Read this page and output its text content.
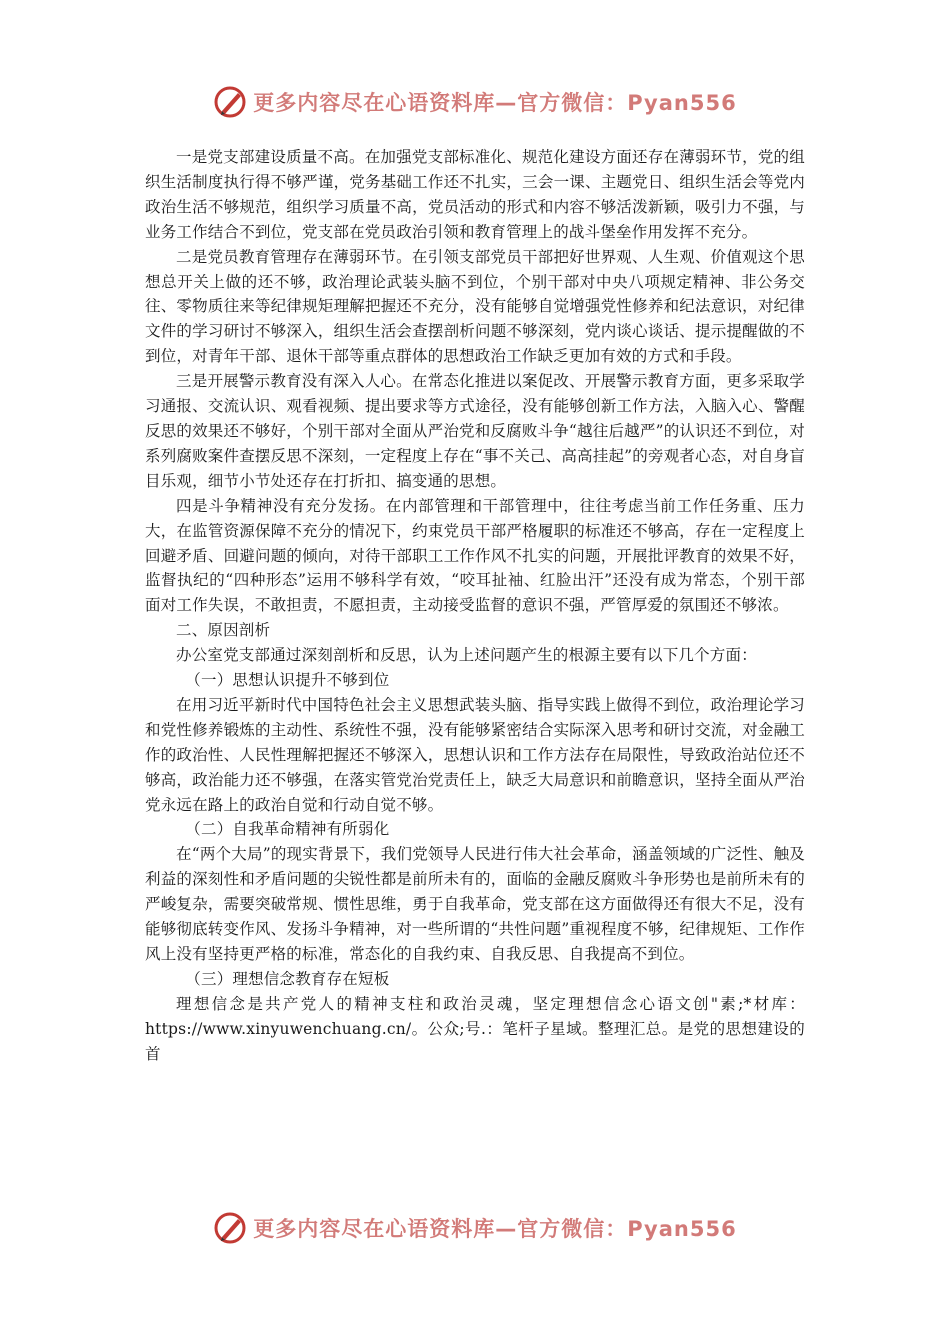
更多内容尽在心语资料库—官方微信：Pyan556

一是党支部建设质量不高。在加强党支部标准化、规范化建设方面还存在薄弱环节，党的组织生活制度执行得不够严谨，党务基础工作还不扎实，三会一课、主题党日、组织生活会等党内政治生活不够规范，组织学习质量不高，党员活动的形式和内容不够活泼新颖，吸引力不强，与业务工作结合不到位，党支部在党员政治引领和教育管理上的战斗堡垒作用发挥不充分。

二是党员教育管理存在薄弱环节。在引领支部党员干部把好世界观、人生观、价值观这个思想总开关上做的还不够，政治理论武装头脑不到位，个别干部对中央八项规定精神、非公务交往、零物质往来等纪律规矩理解把握还不充分，没有能够自觉增强党性修养和纪法意识，对纪律文件的学习研讨不够深入，组织生活会查摆剖析问题不够深刻，党内谈心谈话、提示提醒做的不到位，对青年干部、退休干部等重点群体的思想政治工作缺乏更加有效的方式和手段。

三是开展警示教育没有深入人心。在常态化推进以案促改、开展警示教育方面，更多采取学习通报、交流认识、观看视频、提出要求等方式途径，没有能够创新工作方法，入脑入心、警醒反思的效果还不够好，个别干部对全面从严治党和反腐败斗争“越往后越严”的认识还不到位，对系列腐败案件查摆反思不深刻，一定程度上存在“事不关己、高高挂起”的旁观者心态，对自身盲目乐观，细节小节处还存在打折扣、搞变通的思想。

四是斗争精神没有充分发扬。在内部管理和干部管理中，往往考虑当前工作任务重、压力大，在监管资源保障不充分的情况下，约束党员干部严格履职的标准还不够高，存在一定程度上回避矛盾、回避问题的倾向，对待干部职工工作作风不扎实的问题，开展批评教育的效果不好，监督执纪的“四种形态”运用不够科学有效，“咬耳扯袖、红脸出汗”还没有成为常态，个别干部面对工作失误，不敢担责，不愿担责，主动接受监督的意识不强，严管厚爱的氛围还不够浓。

二、原因剖析

办公室党支部通过深刻剖析和反思，认为上述问题产生的根源主要有以下几个方面：

（一）思想认识提升不够到位

在用习近平新时代中国特色社会主义思想武装头脑、指导实践上做得不到位，政治理论学习和党性修养锻炼的主动性、系统性不强，没有能够紧密结合实际深入思考和研讨交流，对金融工作的政治性、人民性理解把握还不够深入，思想认识和工作方法存在局限性，导致政治站位还不够高，政治能力还不够强，在落实管党治党责任上，缺乏大局意识和前瞻意识，坚持全面从严治党永远在路上的政治自觉和行动自觉不够。

（二）自我革命精神有所弱化

在“两个大局”的现实背景下，我们党领导人民进行伟大社会革命，涵盖领域的广泛性、触及利益的深刻性和矛盾问题的尖锐性都是前所未有的，面临的金融反腐败斗争形势也是前所未有的严峻复杂，需要突破常规、惯性思维，勇于自我革命，党支部在这方面做得还有很大不足，没有能够彻底转变作风、发扬斗争精神，对一些所谓的“共性问题”重视程度不够，纪律规矩、工作作风上没有坚持更严格的标准，常态化的自我约束、自我反思、自我提高不到位。

（三）理想信念教育存在短板

理想信念是共产党人的精神支柱和政治灵魂，坚定理想信念心语文创"素;*材库：https://www.xinyuwenchuang.cn/。公众;号.：笔杆子星域。整理汇总。是党的思想建设的首

更多内容尽在心语资料库—官方微信：Pyan556
